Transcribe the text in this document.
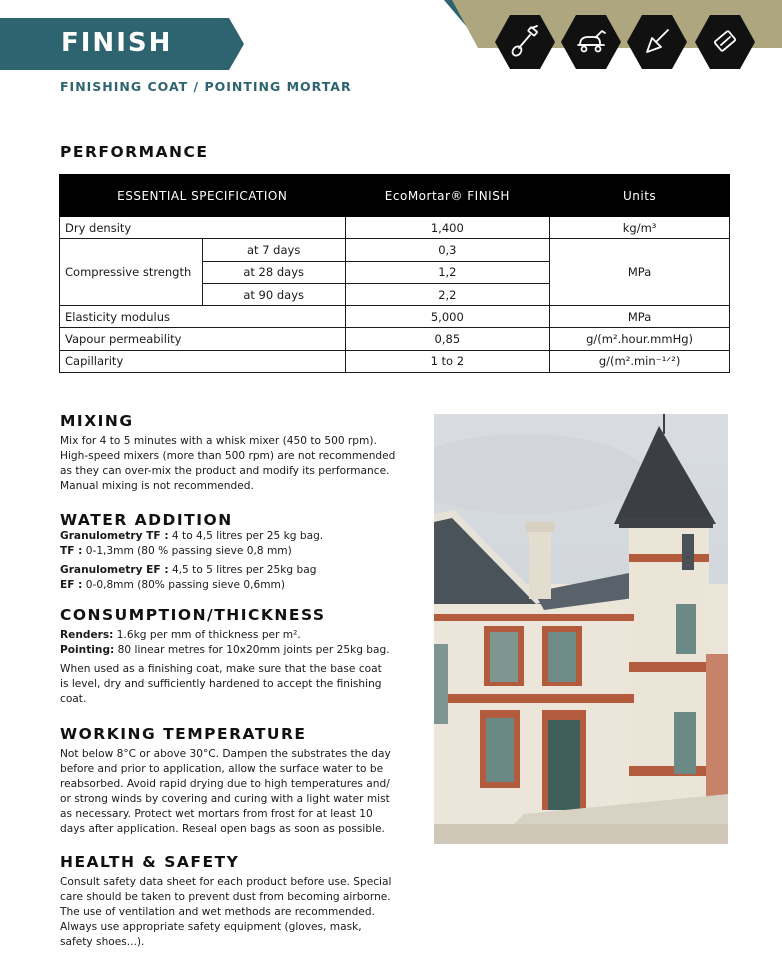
FINISH
FINISHING COAT / POINTING MORTAR
PERFORMANCE
ESSENTIAL SPECIFICATION		EcoMortar® FINISH	Units
Dry density		1,400	kg/m³
Compressive strength	at 7 days	0,3	MPa
	at 28 days	1,2	
	at 90 days	2,2	
Elasticity modulus		5,000	MPa
Vapour permeability		0,85	g/(m².hour.mmHg)
Capillarity		1 to 2	g/(m².min⁻¹ᐟ²)
MIXING
Mix for 4 to 5 minutes with a whisk mixer (450 to 500 rpm).
High-speed mixers (more than 500 rpm) are not recommended
as they can over-mix the product and modify its performance.
Manual mixing is not recommended.
WATER ADDITION
Granulometry TF : 4 to 4,5 litres per 25 kg bag.
TF : 0-1,3mm (80 % passing sieve 0,8 mm)
Granulometry EF : 4,5 to 5 litres per 25kg bag
EF : 0-0,8mm (80% passing sieve 0,6mm)
CONSUMPTION/THICKNESS
Renders: 1.6kg per mm of thickness per m².
Pointing: 80 linear metres for 10x20mm joints per 25kg bag.
When used as a finishing coat, make sure that the base coat
is level, dry and sufficiently hardened to accept the finishing
coat.
WORKING TEMPERATURE
Not below 8°C or above 30°C. Dampen the substrates the day
before and prior to application, allow the surface water to be
reabsorbed. Avoid rapid drying due to high temperatures and/
or strong winds by covering and curing with a light water mist
as necessary. Protect wet mortars from frost for at least 10
days after application. Reseal open bags as soon as possible.
HEALTH & SAFETY
Consult safety data sheet for each product before use. Special
care should be taken to prevent dust from becoming airborne.
The use of ventilation and wet methods are recommended.
Always use appropriate safety equipment (gloves, mask,
safety shoes...).
